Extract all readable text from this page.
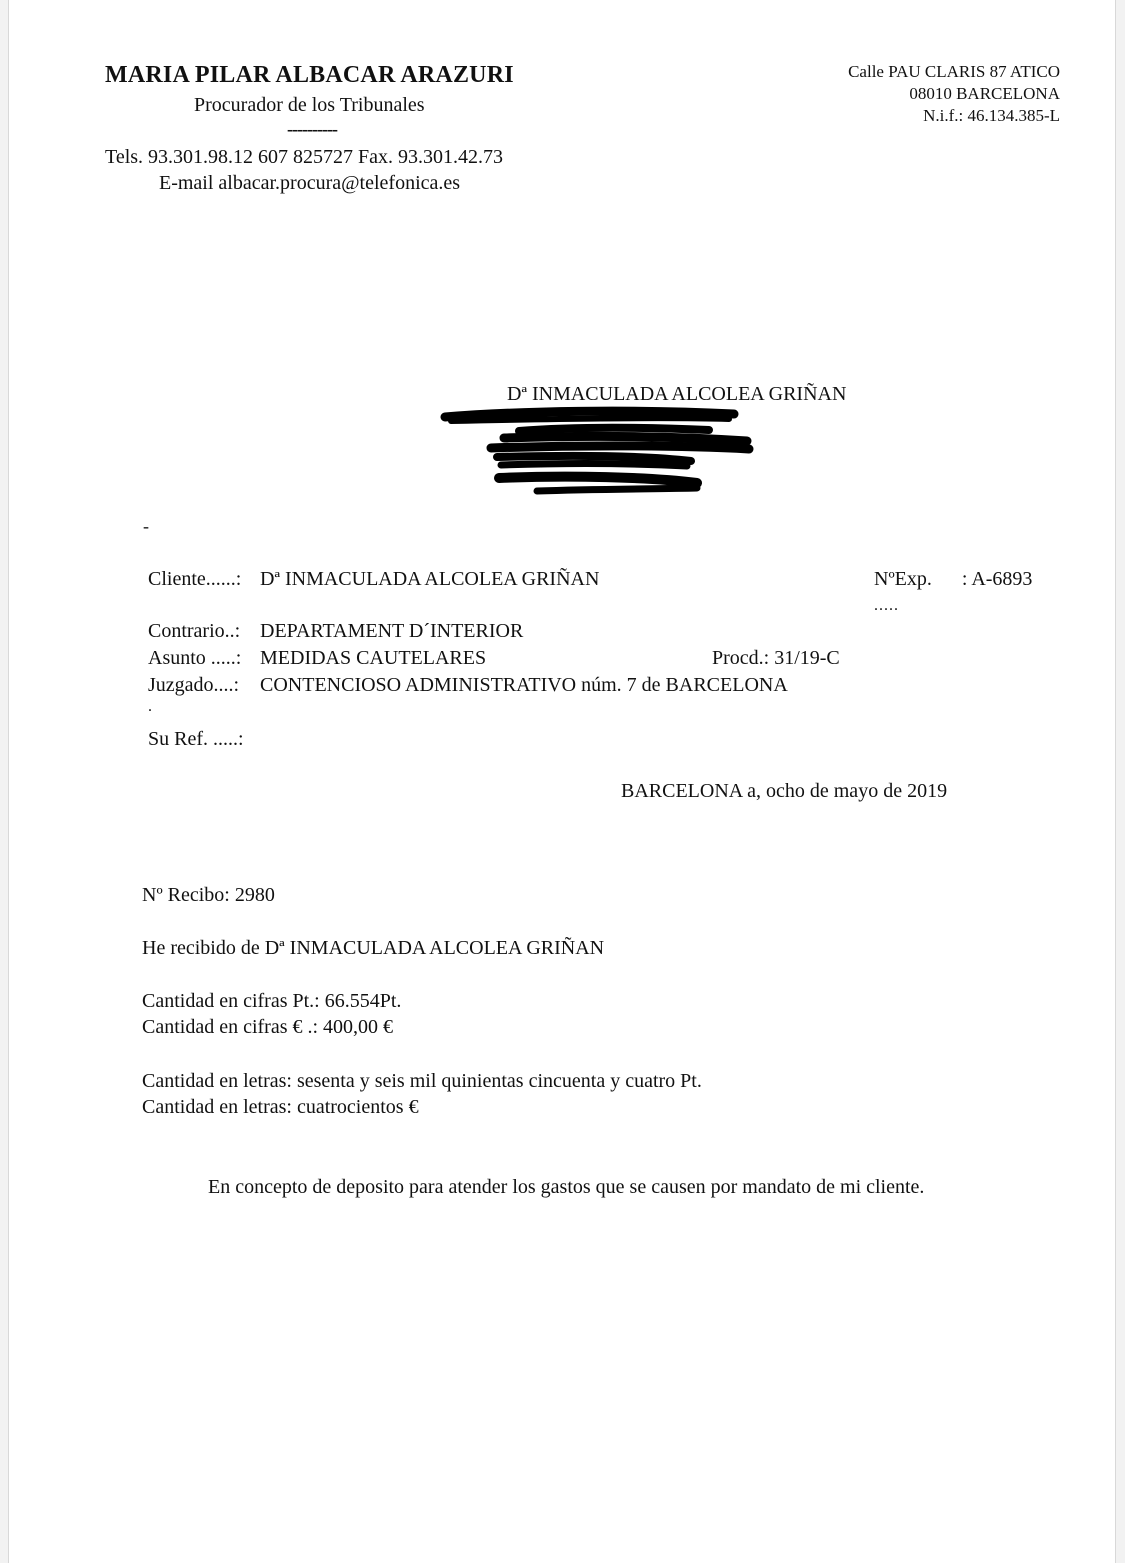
MARIA PILAR ALBACAR ARAZURI
Procurador de los Tribunales
----------
Tels. 93.301.98.12 607 825727 Fax. 93.301.42.73
E-mail albacar.procura@telefonica.es
Calle PAU CLARIS 87 ATICO
08010 BARCELONA
N.i.f.: 46.134.385-L
Dª INMACULADA ALCOLEA GRIÑAN
-
Cliente......: Dª INMACULADA ALCOLEA GRIÑAN	NºExp. : A-6893
.....
Contrario..: DEPARTAMENT D´INTERIOR
Asunto .....: MEDIDAS CAUTELARES	Procd.: 31/19-C
Juzgado....: CONTENCIOSO ADMINISTRATIVO núm. 7 de BARCELONA
.
Su Ref. .....:
BARCELONA a, ocho de mayo de 2019
Nº Recibo: 2980
He recibido de Dª INMACULADA ALCOLEA GRIÑAN
Cantidad en cifras Pt.: 66.554Pt.
Cantidad en cifras € .: 400,00 €
Cantidad en letras: sesenta y seis mil quinientas cincuenta y cuatro Pt.
Cantidad en letras: cuatrocientos €
En concepto de deposito para atender los gastos que se causen por mandato de mi cliente.
